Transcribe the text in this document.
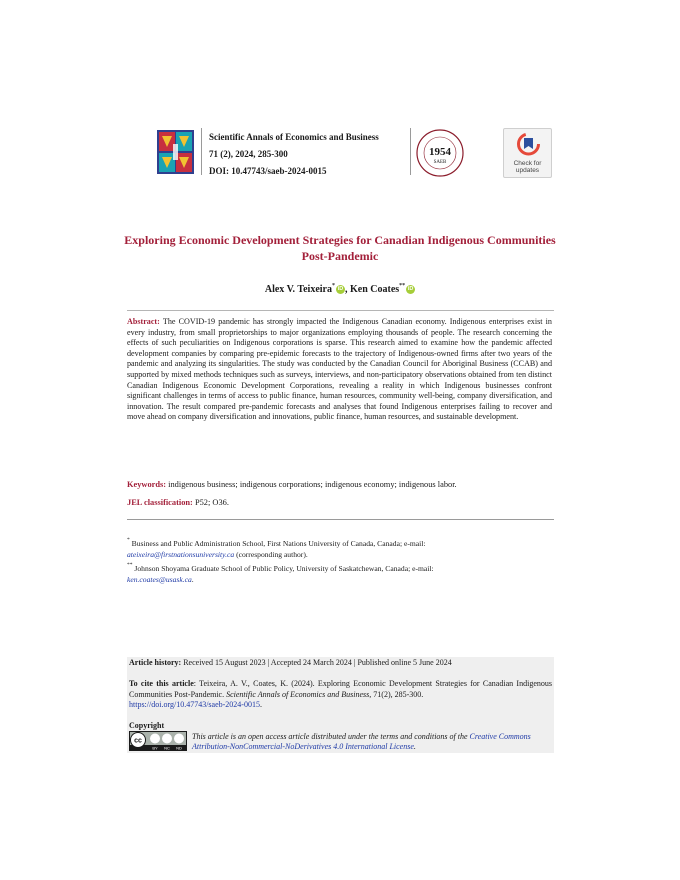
Scientific Annals of Economics and Business
71 (2), 2024, 285-300
DOI: 10.47743/saeb-2024-0015
1954
SAEB	Check for updates
Exploring Economic Development Strategies for Canadian Indigenous Communities Post-Pandemic
Alex V. Teixeira* iD , Ken Coates** iD
Abstract: The COVID-19 pandemic has strongly impacted the Indigenous Canadian economy. Indigenous enterprises exist in every industry, from small proprietorships to major organizations employing thousands of people. The research concerning the effects of such peculiarities on Indigenous corporations is sparse. This research aimed to examine how the pandemic affected development companies by comparing pre-epidemic forecasts to the trajectory of Indigenous-owned firms after two years of the pandemic and analyzing its singularities. The study was conducted by the Canadian Council for Aboriginal Business (CCAB) and supported by mixed methods techniques such as surveys, interviews, and non-participatory observations obtained from ten distinct Canadian Indigenous Economic Development Corporations, revealing a reality in which Indigenous businesses confront significant challenges in terms of access to public finance, human resources, community well-being, company diversification, and innovation. The result compared pre-pandemic forecasts and analyses that found Indigenous enterprises failing to recover and move ahead on company diversification and innovations, public finance, human resources, and sustainable development.
Keywords: indigenous business; indigenous corporations; indigenous economy; indigenous labor.
JEL classification: P52; O36.
* Business and Public Administration School, First Nations University of Canada, Canada; e-mail:
ateixeira@firstnationsuniversity.ca (corresponding author).
** Johnson Shoyama Graduate School of Public Policy, University of Saskatchewan, Canada; e-mail:
ken.coates@usask.ca.
Article history: Received 15 August 2023 | Accepted 24 March 2024 | Published online 5 June 2024
To cite this article: Teixeira, A. V., Coates, K. (2024). Exploring Economic Development Strategies for Canadian Indigenous Communities Post-Pandemic. Scientific Annals of Economics and Business, 71(2), 285-300.
https://doi.org/10.47743/saeb-2024-0015.
Copyright
cc
BY NC ND
This article is an open access article distributed under the terms and conditions of the Creative Commons Attribution-NonCommercial-NoDerivatives 4.0 International License.
